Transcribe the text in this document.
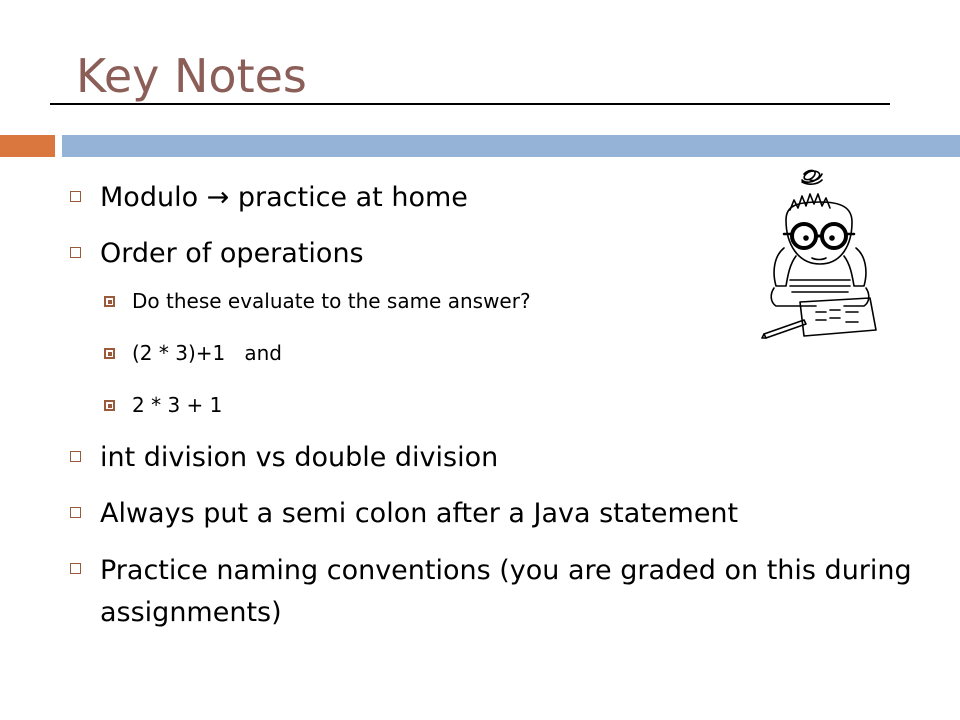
Key Notes
Modulo → practice at home
Order of operations
Do these evaluate to the same answer?
(2 * 3)+1   and
2 * 3 + 1
int division vs double division
Always put a semi colon after a Java statement
Practice naming conventions (you are graded on this during assignments)
